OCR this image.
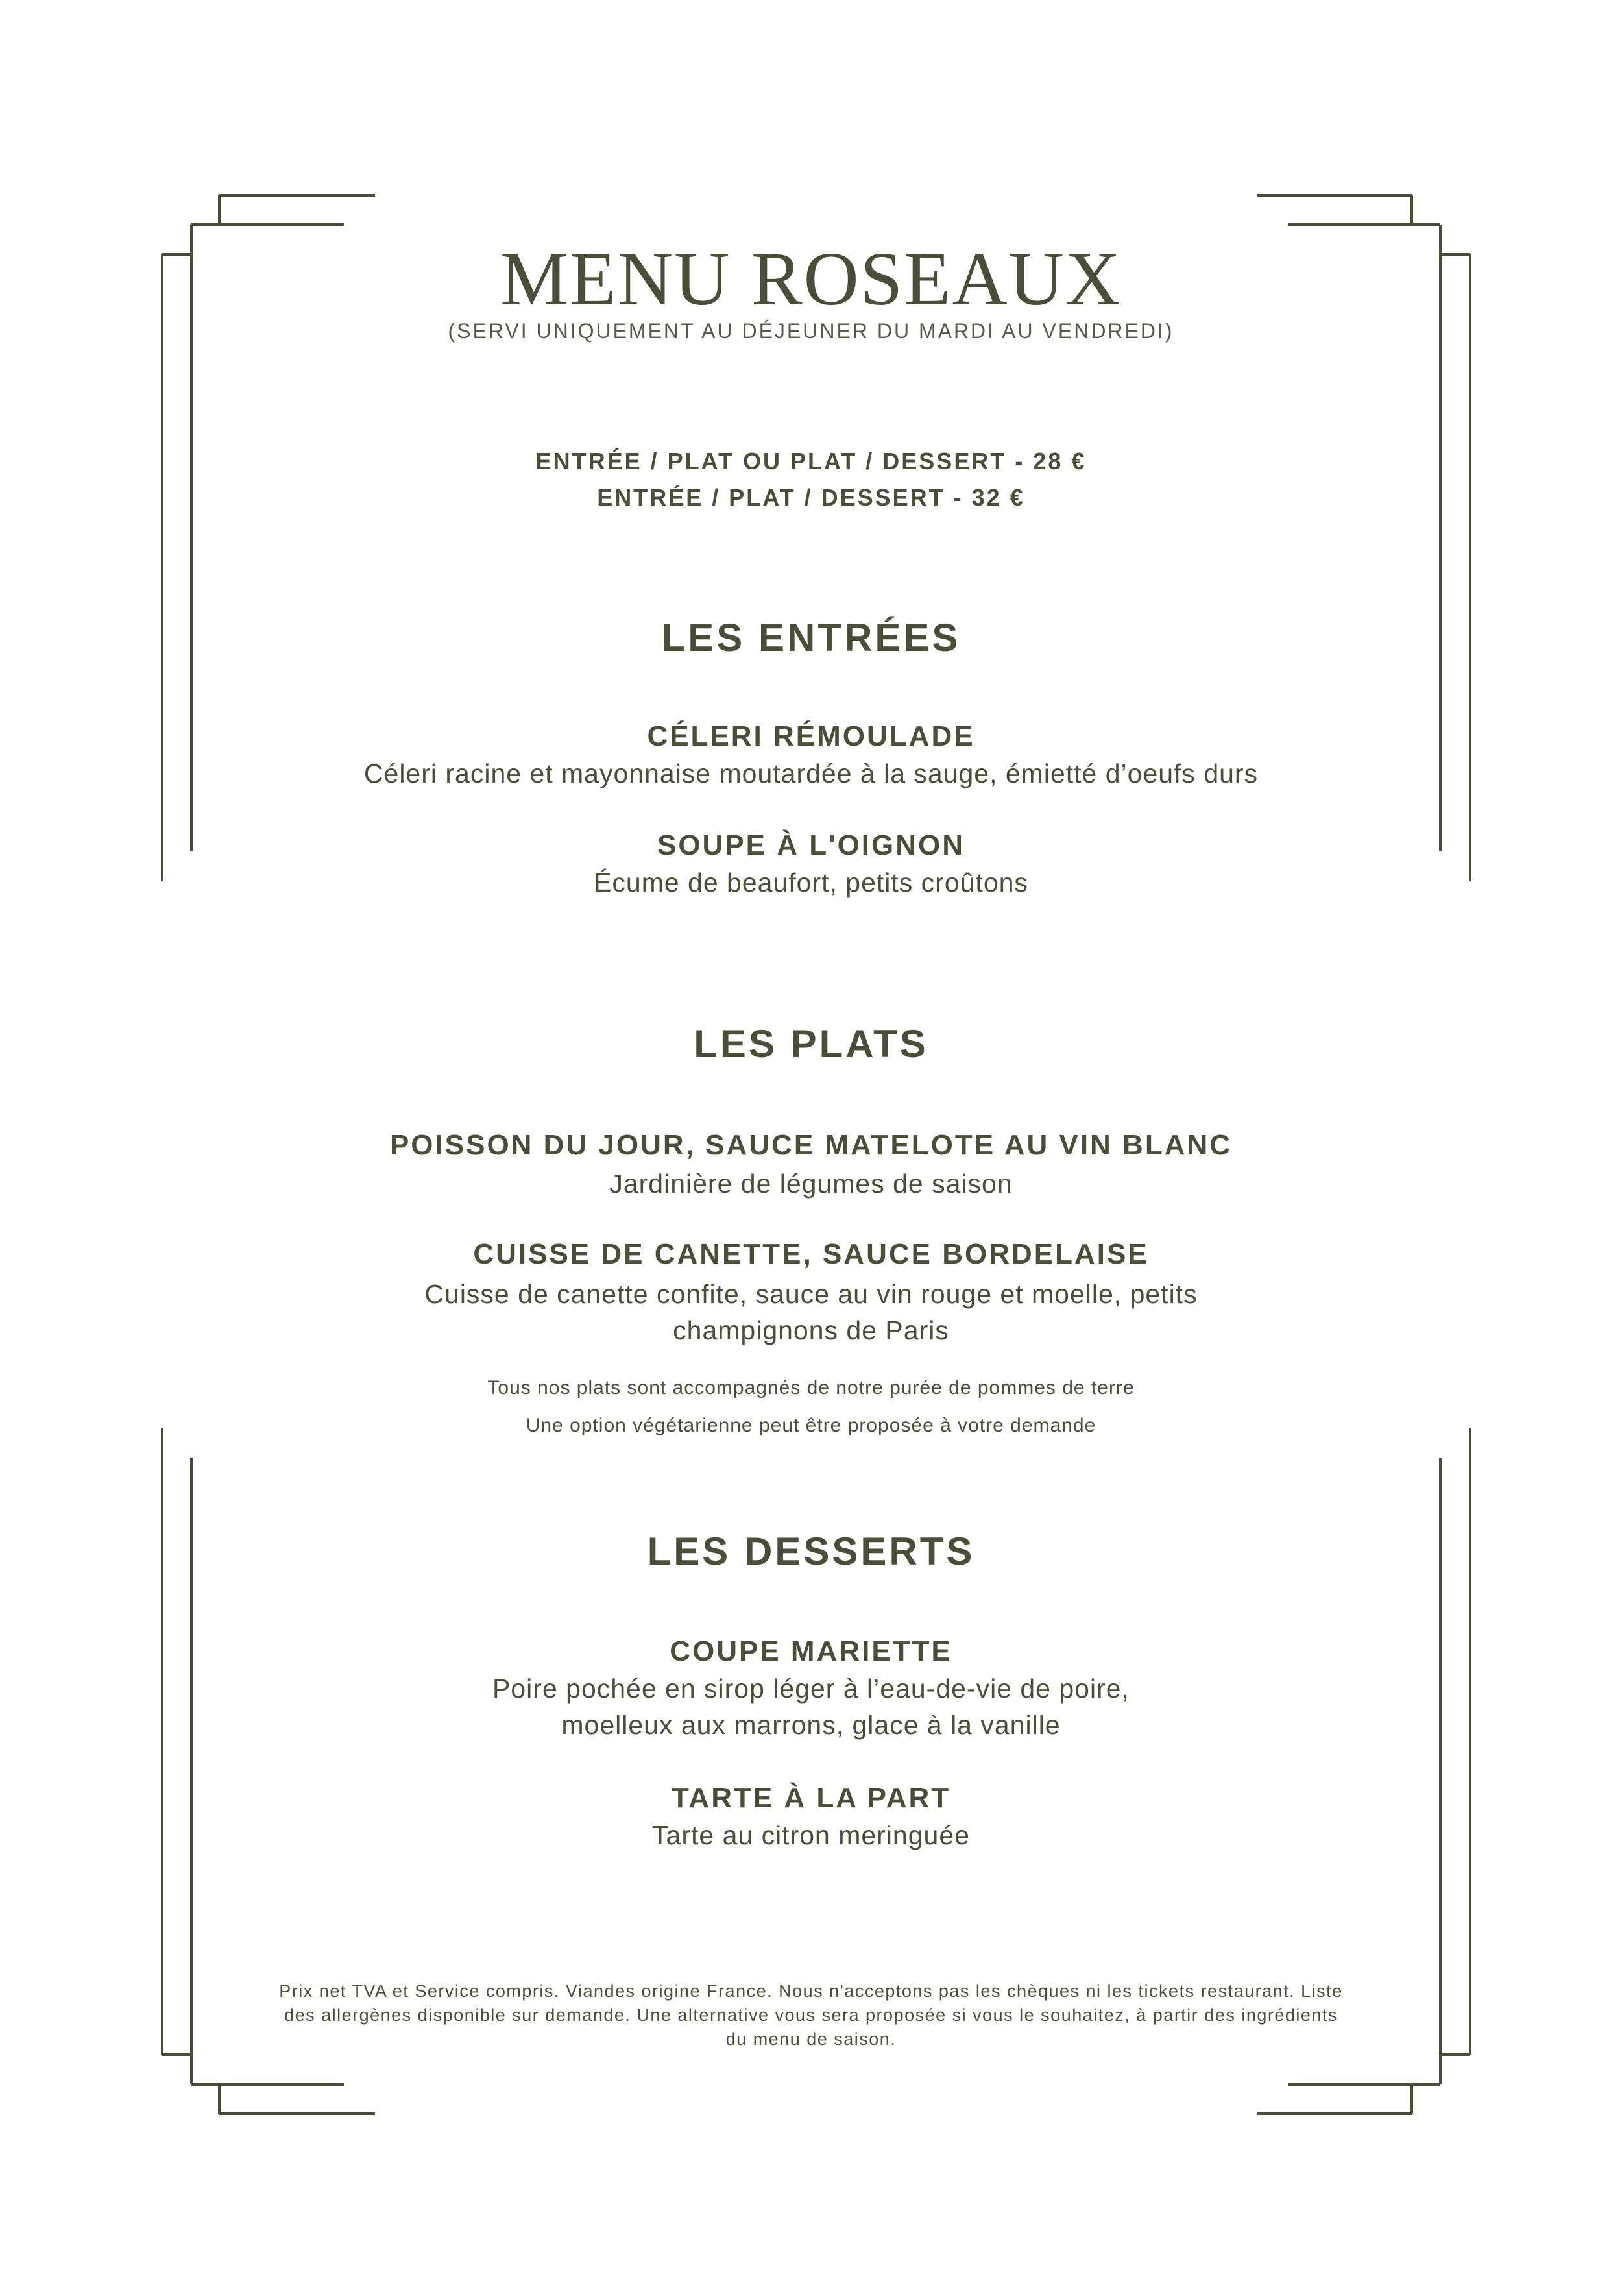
MENU ROSEAUX
(SERVI UNIQUEMENT AU DÉJEUNER DU MARDI AU VENDREDI)
ENTRÉE / PLAT OU PLAT / DESSERT - 28 €
ENTRÉE / PLAT / DESSERT - 32 €
LES ENTRÉES
CÉLERI RÉMOULADE
Céleri racine et mayonnaise moutardée à la sauge, émietté d’oeufs durs
SOUPE À L'OIGNON
Écume de beaufort, petits croûtons
LES PLATS
POISSON DU JOUR, SAUCE MATELOTE AU VIN BLANC
Jardinière de légumes de saison
CUISSE DE CANETTE, SAUCE BORDELAISE
Cuisse de canette confite, sauce au vin rouge et moelle, petits
champignons de Paris
Tous nos plats sont accompagnés de notre purée de pommes de terre
Une option végétarienne peut être proposée à votre demande
LES DESSERTS
COUPE MARIETTE
Poire pochée en sirop léger à l’eau-de-vie de poire,
moelleux aux marrons, glace à la vanille
TARTE À LA PART
Tarte au citron meringuée
Prix net TVA et Service compris. Viandes origine France. Nous n'acceptons pas les chèques ni les tickets restaurant. Liste des allergènes disponible sur demande. Une alternative vous sera proposée si vous le souhaitez, à partir des ingrédients du menu de saison.
